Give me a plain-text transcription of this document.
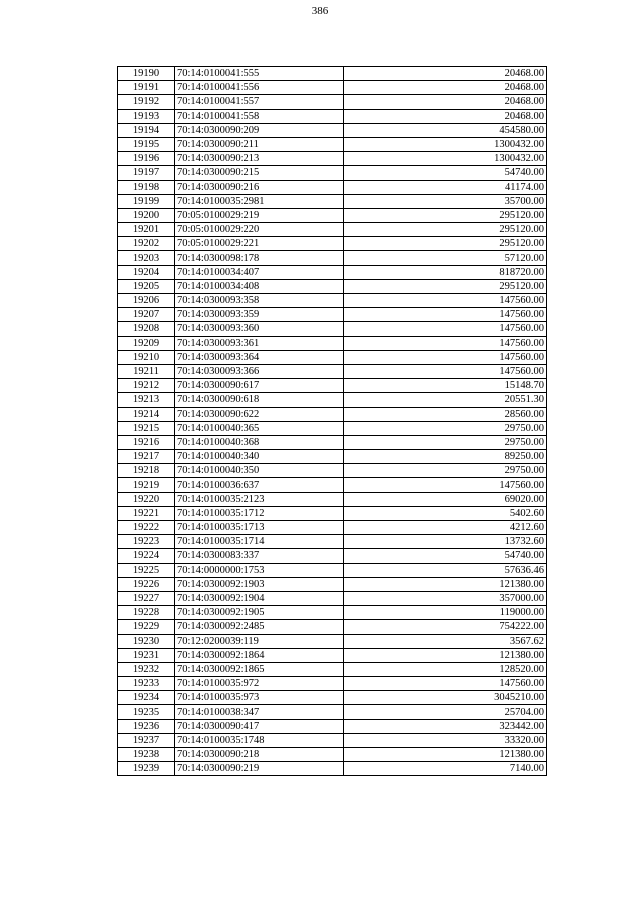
386
19190	70:14:0100041:555	20468.00
19191	70:14:0100041:556	20468.00
19192	70:14:0100041:557	20468.00
19193	70:14:0100041:558	20468.00
19194	70:14:0300090:209	454580.00
19195	70:14:0300090:211	1300432.00
19196	70:14:0300090:213	1300432.00
19197	70:14:0300090:215	54740.00
19198	70:14:0300090:216	41174.00
19199	70:14:0100035:2981	35700.00
19200	70:05:0100029:219	295120.00
19201	70:05:0100029:220	295120.00
19202	70:05:0100029:221	295120.00
19203	70:14:0300098:178	57120.00
19204	70:14:0100034:407	818720.00
19205	70:14:0100034:408	295120.00
19206	70:14:0300093:358	147560.00
19207	70:14:0300093:359	147560.00
19208	70:14:0300093:360	147560.00
19209	70:14:0300093:361	147560.00
19210	70:14:0300093:364	147560.00
19211	70:14:0300093:366	147560.00
19212	70:14:0300090:617	15148.70
19213	70:14:0300090:618	20551.30
19214	70:14:0300090:622	28560.00
19215	70:14:0100040:365	29750.00
19216	70:14:0100040:368	29750.00
19217	70:14:0100040:340	89250.00
19218	70:14:0100040:350	29750.00
19219	70:14:0100036:637	147560.00
19220	70:14:0100035:2123	69020.00
19221	70:14:0100035:1712	5402.60
19222	70:14:0100035:1713	4212.60
19223	70:14:0100035:1714	13732.60
19224	70:14:0300083:337	54740.00
19225	70:14:0000000:1753	57636.46
19226	70:14:0300092:1903	121380.00
19227	70:14:0300092:1904	357000.00
19228	70:14:0300092:1905	119000.00
19229	70:14:0300092:2485	754222.00
19230	70:12:0200039:119	3567.62
19231	70:14:0300092:1864	121380.00
19232	70:14:0300092:1865	128520.00
19233	70:14:0100035:972	147560.00
19234	70:14:0100035:973	3045210.00
19235	70:14:0100038:347	25704.00
19236	70:14:0300090:417	323442.00
19237	70:14:0100035:1748	33320.00
19238	70:14:0300090:218	121380.00
19239	70:14:0300090:219	7140.00
